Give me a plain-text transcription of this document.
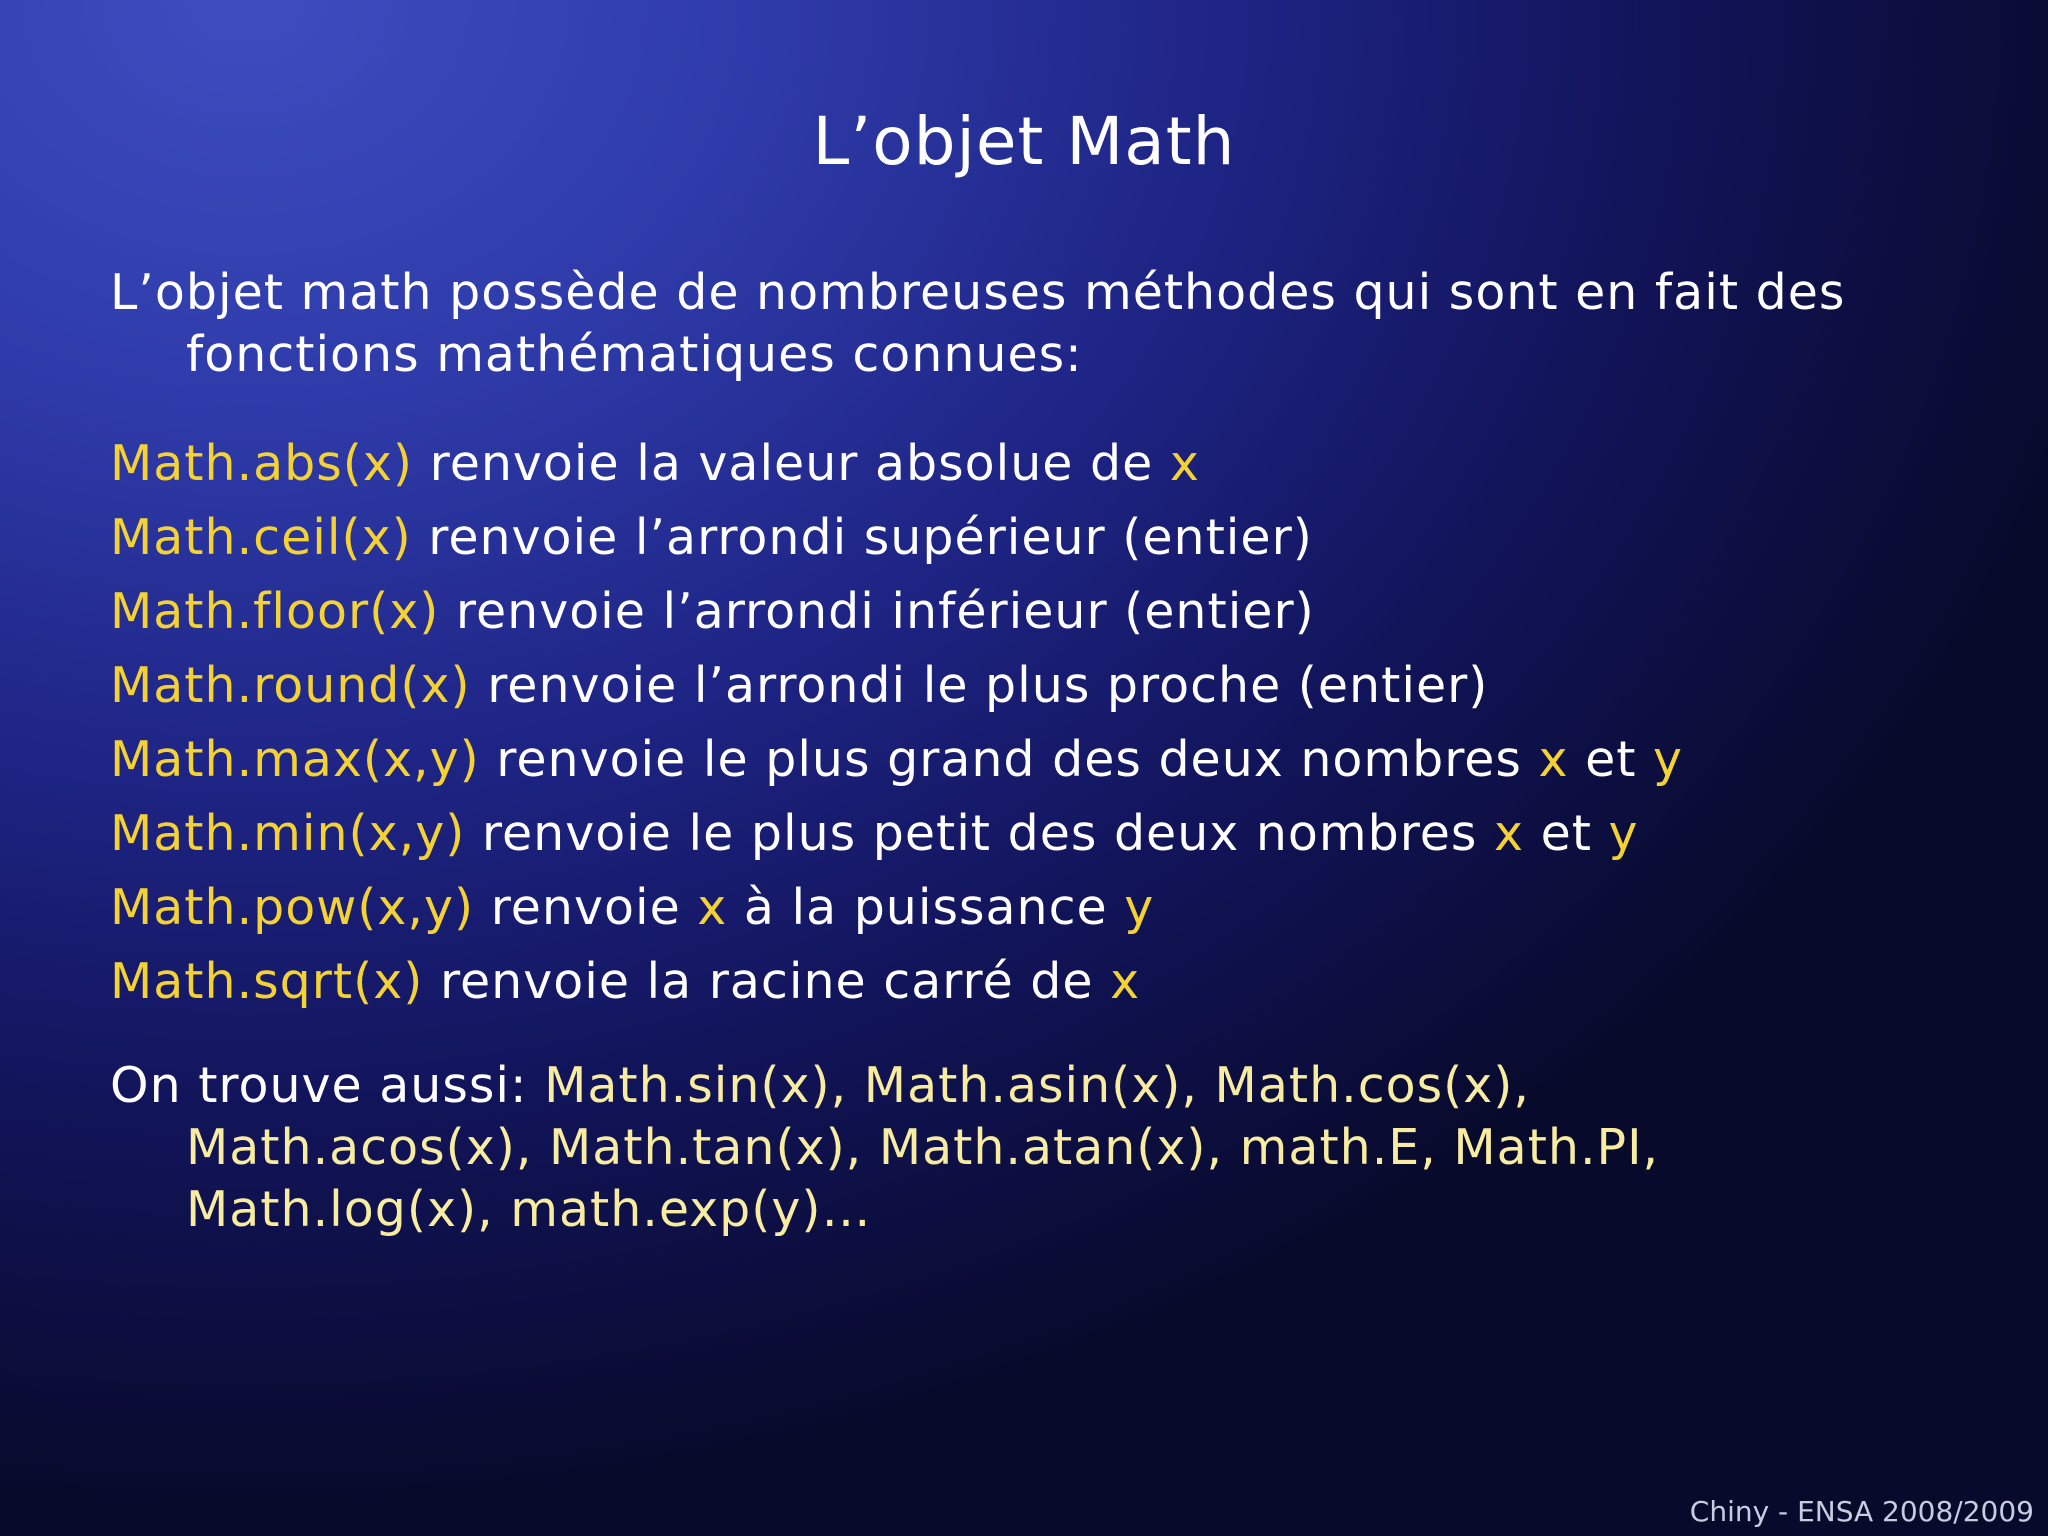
L’objet Math
L’objet math possède de nombreuses méthodes qui sont en fait des
fonctions mathématiques connues:
Math.abs(x) renvoie la valeur absolue de x
Math.ceil(x) renvoie l’arrondi supérieur (entier)
Math.floor(x) renvoie l’arrondi inférieur (entier)
Math.round(x) renvoie l’arrondi le plus proche (entier)
Math.max(x,y) renvoie le plus grand des deux nombres x et y
Math.min(x,y) renvoie le plus petit des deux nombres x et y
Math.pow(x,y) renvoie x à la puissance y
Math.sqrt(x) renvoie la racine carré de x
On trouve aussi: Math.sin(x), Math.asin(x), Math.cos(x),
Math.acos(x), Math.tan(x), Math.atan(x), math.E, Math.PI,
Math.log(x), math.exp(y)…
Chiny - ENSA 2008/2009
